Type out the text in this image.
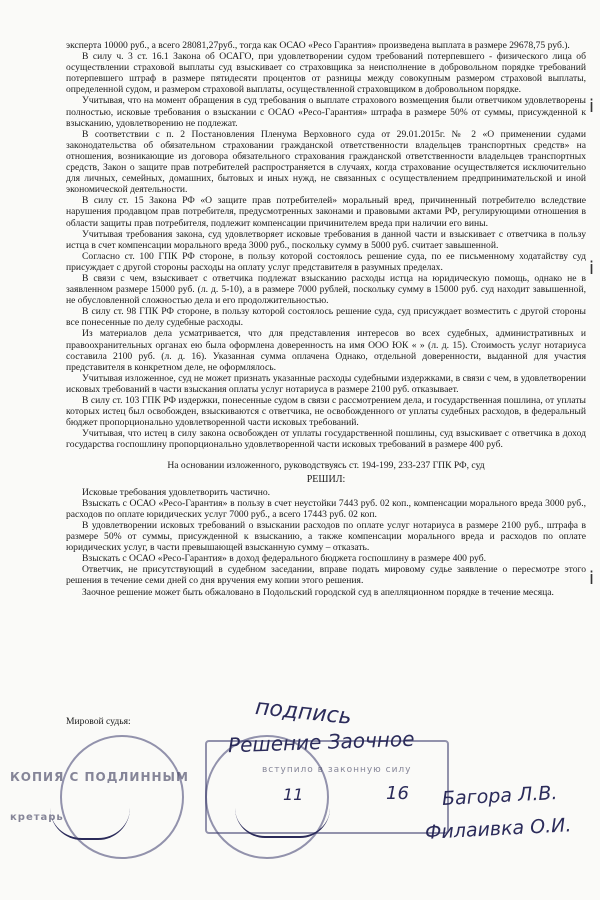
эксперта 10000 руб., а всего 28081,27руб., тогда как ОСАО «Ресо Гарантия» произведена выплата в размере 29678,75 руб.).

В силу ч. 3 ст. 16.1 Закона об ОСАГО, при удовлетворении судом требований потерпевшего - физического лица об осуществлении страховой выплаты суд взыскивает со страховщика за неисполнение в добровольном порядке требований потерпевшего штраф в размере пятидесяти процентов от разницы между совокупным размером страховой выплаты, определенной судом, и размером страховой выплаты, осуществленной страховщиком в добровольном порядке.

Учитывая, что на момент обращения в суд требования о выплате страхового возмещения были ответчиком удовлетворены полностью, исковые требования о взыскании с ОСАО «Ресо-Гарантия» штрафа в размере 50% от суммы, присужденной к взысканию, удовлетворению не подлежат.

В соответствии с п. 2 Постановления Пленума Верховного суда от 29.01.2015г. № 2 «О применении судами законодательства об обязательном страховании гражданской ответственности владельцев транспортных средств» на отношения, возникающие из договора обязательного страхования гражданской ответственности владельцев транспортных средств, Закон о защите прав потребителей распространяется в случаях, когда страхование осуществляется исключительно для личных, семейных, домашних, бытовых и иных нужд, не связанных с осуществлением предпринимательской и иной экономической деятельности.

В силу ст. 15 Закона РФ «О защите прав потребителей» моральный вред, причиненный потребителю вследствие нарушения продавцом прав потребителя, предусмотренных законами и правовыми актами РФ, регулирующими отношения в области защиты прав потребителя, подлежит компенсации причинителем вреда при наличии его вины.

Учитывая требования закона, суд удовлетворяет исковые требования в данной части и взыскивает с ответчика в пользу истца в счет компенсации морального вреда 3000 руб., поскольку сумму в 5000 руб. считает завышенной.

Согласно ст. 100 ГПК РФ стороне, в пользу которой состоялось решение суда, по ее письменному ходатайству суд присуждает с другой стороны расходы на оплату услуг представителя в разумных пределах.

В связи с чем, взыскивает с ответчика подлежат взысканию расходы истца на юридическую помощь, однако не в заявленном размере 15000 руб. (л. д. 5-10), а в размере 7000 рублей, поскольку сумму в 15000 руб. суд находит завышенной, не обусловленной сложностью дела и его продолжительностью.

В силу ст. 98 ГПК РФ стороне, в пользу которой состоялось решение суда, суд присуждает возместить с другой стороны все понесенные по делу судебные расходы.

Из материалов дела усматривается, что для представления интересов во всех судебных, административных и правоохранительных органах ею была оформлена доверенность на имя ООО ЮК « » (л. д. 15). Стоимость услуг нотариуса составила 2100 руб. (л. д. 16). Указанная сумма оплачена Однако, отдельной доверенности, выданной для участия представителя в конкретном деле, не оформлялось.

Учитывая изложенное, суд не может признать указанные расходы судебными издержками, в связи с чем, в удовлетворении исковых требований в части взыскания оплаты услуг нотариуса в размере 2100 руб. отказывает.

В силу ст. 103 ГПК РФ издержки, понесенные судом в связи с рассмотрением дела, и государственная пошлина, от уплаты которых истец был освобожден, взыскиваются с ответчика, не освобожденного от уплаты судебных расходов, в федеральный бюджет пропорционально удовлетворенной части исковых требований.

Учитывая, что истец в силу закона освобожден от уплаты государственной пошлины, суд взыскивает с ответчика в доход государства госпошлину пропорционально удовлетворенной части исковых требований в размере 400 руб.

На основании изложенного, руководствуясь ст. 194-199, 233-237 ГПК РФ, суд

РЕШИЛ:

Исковые требования удовлетворить частично.

Взыскать с ОСАО «Ресо-Гарантия» в пользу в счет неустойки 7443 руб. 02 коп., компенсации морального вреда 3000 руб., расходов по оплате юридических услуг 7000 руб., а всего 17443 руб. 02 коп.

В удовлетворении исковых требований о взыскании расходов по оплате услуг нотариуса в размере 2100 руб., штрафа в размере 50% от суммы, присужденной к взысканию, а также компенсации морального вреда и расходов по оплате юридических услуг, в части превышающей взысканную сумму – отказать.

Взыскать с ОСАО «Ресо-Гарантия» в доход федерального бюджета госпошлину в размере 400 руб.

Ответчик, не присутствующий в судебном заседании, вправе подать мировому судье заявление о пересмотре этого решения в течение семи дней со дня вручения ему копии этого решения.

Заочное решение может быть обжаловано в Подольский городской суд в апелляционном порядке в течение месяца.

Мировой судья:	подпись
КОПИЯ С ПОДЛИННЫМ
кретарь
вступило в законную силу
Решение Заочное
11	16 Багора Л.В.
Филаивка О.И.
ⅰ
ⅰ
ⅰ
